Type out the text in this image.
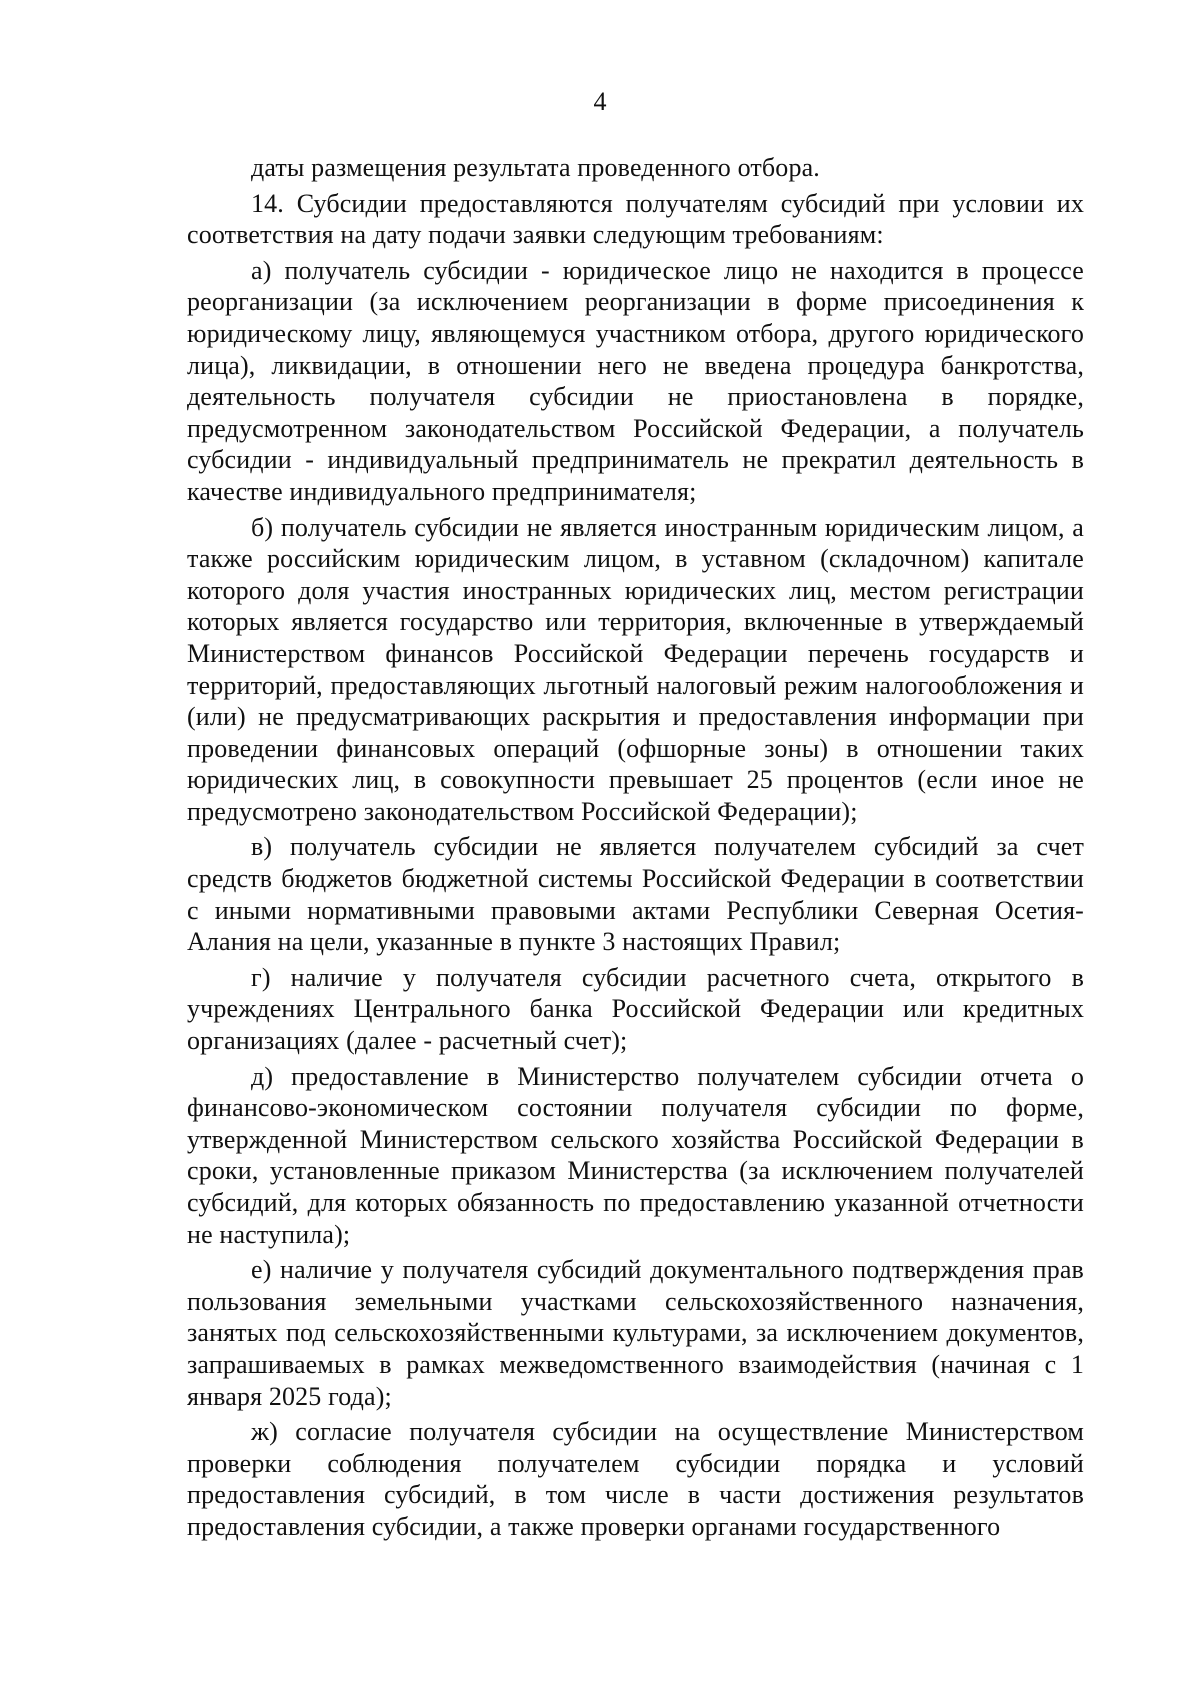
4

даты размещения результата проведенного отбора.

14. Субсидии предоставляются получателям субсидий при условии их соответствия на дату подачи заявки следующим требованиям:

а) получатель субсидии - юридическое лицо не находится в процессе реорганизации (за исключением реорганизации в форме присоединения к юридическому лицу, являющемуся участником отбора, другого юридического лица), ликвидации, в отношении него не введена процедура банкротства, деятельность получателя субсидии не приостановлена в порядке, предусмотренном законодательством Российской Федерации, а получатель субсидии - индивидуальный предприниматель не прекратил деятельность в качестве индивидуального предпринимателя;

б) получатель субсидии не является иностранным юридическим лицом, а также российским юридическим лицом, в уставном (складочном) капитале которого доля участия иностранных юридических лиц, местом регистрации которых является государство или территория, включенные в утверждаемый Министерством финансов Российской Федерации перечень государств и территорий, предоставляющих льготный налоговый режим налогообложения и (или) не предусматривающих раскрытия и предоставления информации при проведении финансовых операций (офшорные зоны) в отношении таких юридических лиц, в совокупности превышает 25 процентов (если иное не предусмотрено законодательством Российской Федерации);

в) получатель субсидии не является получателем субсидий за счет средств бюджетов бюджетной системы Российской Федерации в соответствии с иными нормативными правовыми актами Республики Северная Осетия-Алания на цели, указанные в пункте 3 настоящих Правил;

г) наличие у получателя субсидии расчетного счета, открытого в учреждениях Центрального банка Российской Федерации или кредитных организациях (далее - расчетный счет);

д) предоставление в Министерство получателем субсидии отчета о финансово-экономическом состоянии получателя субсидии по форме, утвержденной Министерством сельского хозяйства Российской Федерации в сроки, установленные приказом Министерства (за исключением получателей субсидий, для которых обязанность по предоставлению указанной отчетности не наступила);

е) наличие у получателя субсидий документального подтверждения прав пользования земельными участками сельскохозяйственного назначения, занятых под сельскохозяйственными культурами, за исключением документов, запрашиваемых в рамках межведомственного взаимодействия (начиная с 1 января 2025 года);

ж) согласие получателя субсидии на осуществление Министерством проверки соблюдения получателем субсидии порядка и условий предоставления субсидий, в том числе в части достижения результатов предоставления субсидии, а также проверки органами государственного
